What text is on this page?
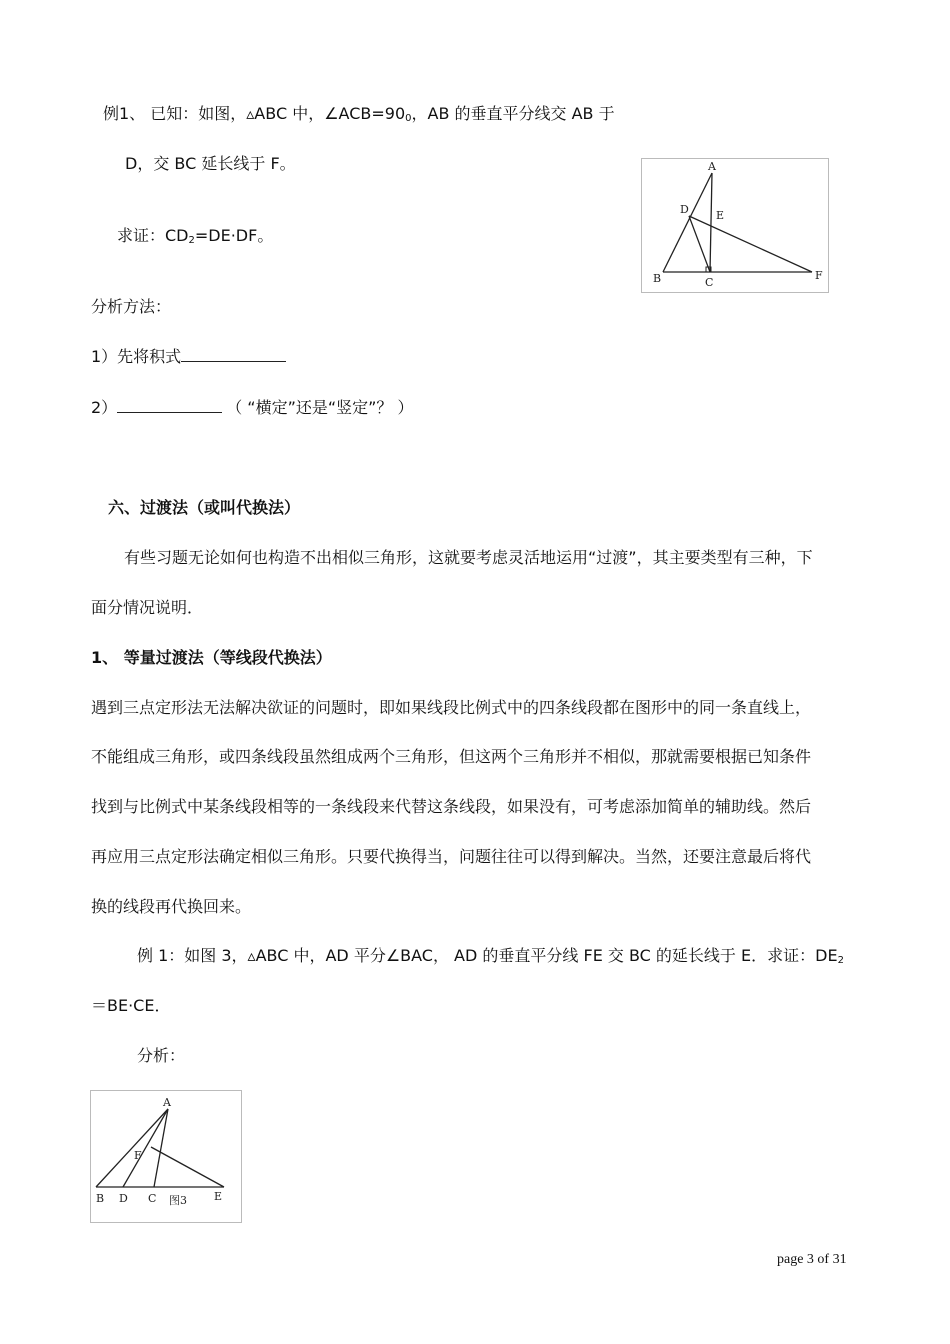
例1、 已知：如图，▵ABC 中，$\angle ACB=90_0$，AB 的垂直平分线交 AB 于
D，交 BC 延长线于 F。
求证：$CD_2=DE\cdot DF$。
分析方法：
1）先将积式
2）	（ “横定”还是“竖定”？ ）
A
D E
B	C
F
六、过渡法（或叫代换法）
有些习题无论如何也构造不出相似三角形，这就要考虑灵活地运用“过渡”，其主要类型有三种，下
面分情况说明．
1、 等量过渡法（等线段代换法）
遇到三点定形法无法解决欲证的问题时，即如果线段比例式中的四条线段都在图形中的同一条直线上，
不能组成三角形，或四条线段虽然组成两个三角形，但这两个三角形并不相似，那就需要根据已知条件
找到与比例式中某条线段相等的一条线段来代替这条线段，如果没有，可考虑添加简单的辅助线。然后
再应用三点定形法确定相似三角形。只要代换得当，问题往往可以得到解决。当然，还要注意最后将代
换的线段再代换回来。
例 1：如图 3，▵ABC 中，AD 平分∠BAC， AD 的垂直平分线 FE 交 BC 的延长线于 E．求证：$DE_2$
＝BE·CE．
分析：
A
F
B D C 图3 E
page 3 of 31
